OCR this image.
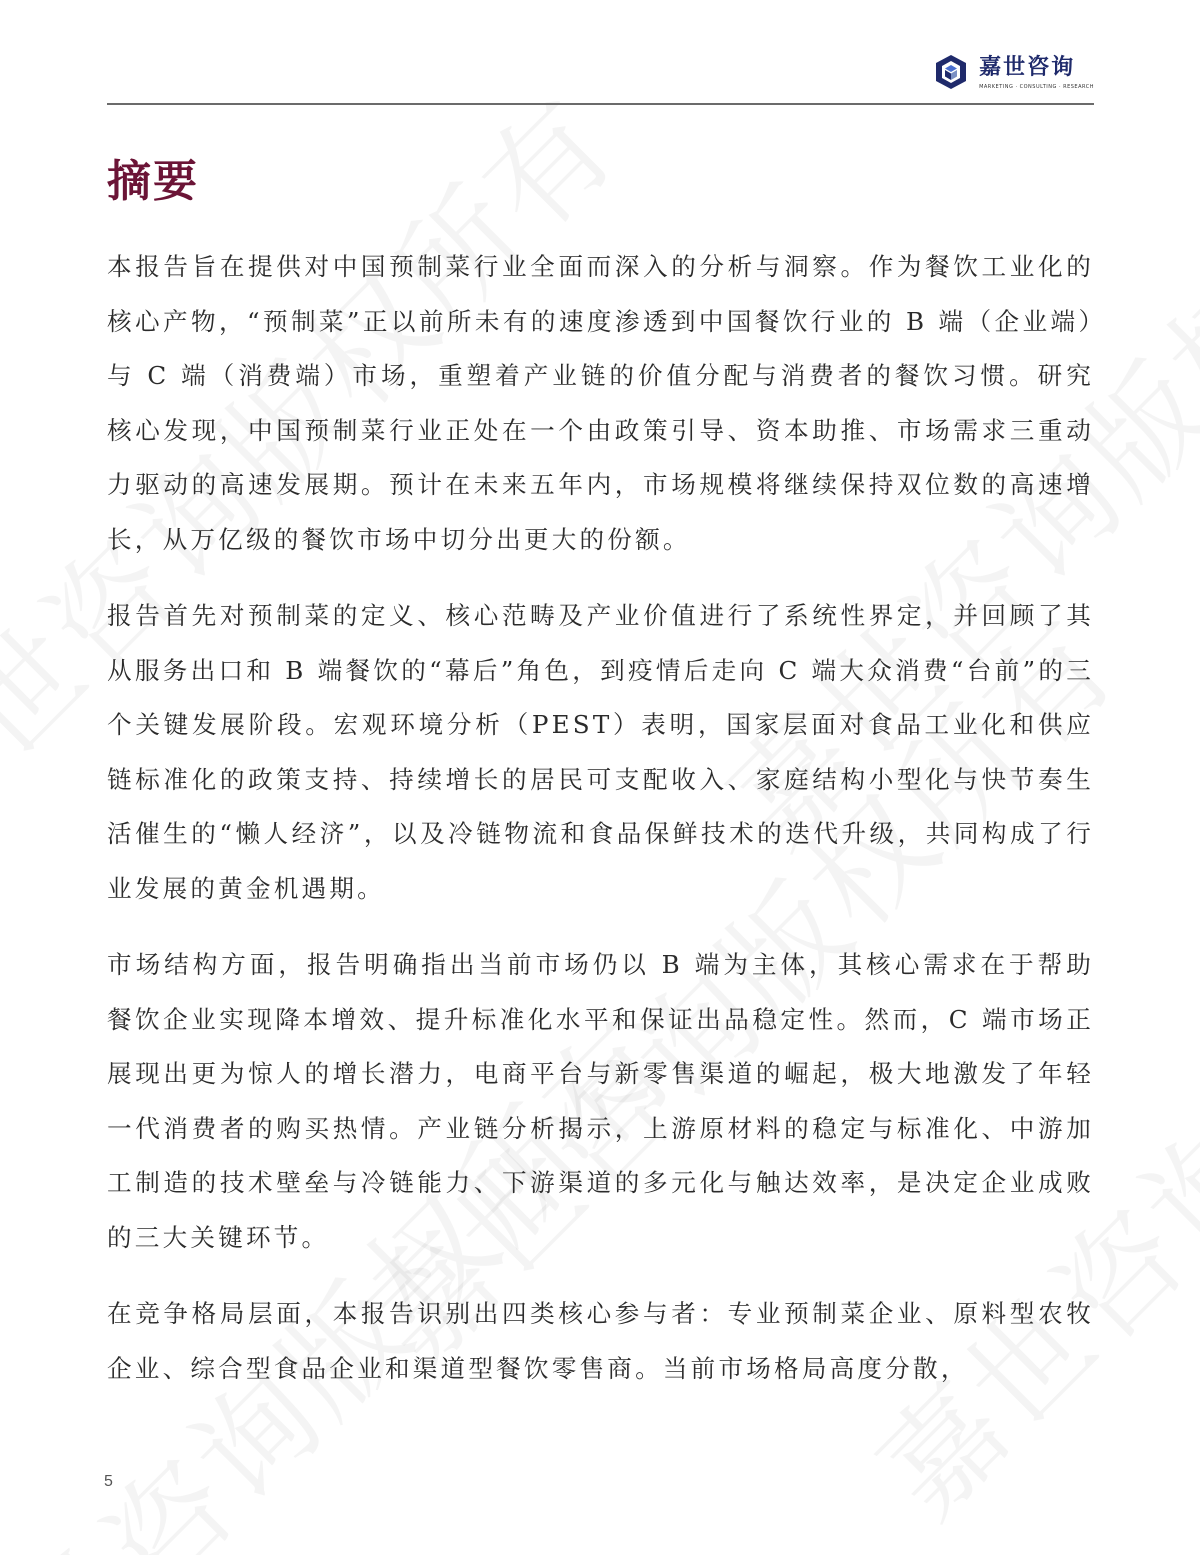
嘉世咨询
MARKETING · CONSULTING · RESEARCH
摘要

本报告旨在提供对中国预制菜行业全面而深入的分析与洞察。作为餐饮工业化的核心产物，“预制菜”正以前所未有的速度渗透到中国餐饮行业的 B 端（企业端）与 C 端（消费端）市场，重塑着产业链的价值分配与消费者的餐饮习惯。研究核心发现，中国预制菜行业正处在一个由政策引导、资本助推、市场需求三重动力驱动的高速发展期。预计在未来五年内，市场规模将继续保持双位数的高速增长，从万亿级的餐饮市场中切分出更大的份额。

报告首先对预制菜的定义、核心范畴及产业价值进行了系统性界定，并回顾了其从服务出口和 B 端餐饮的“幕后”角色，到疫情后走向 C 端大众消费“台前”的三个关键发展阶段。宏观环境分析（PEST）表明，国家层面对食品工业化和供应链标准化的政策支持、持续增长的居民可支配收入、家庭结构小型化与快节奏生活催生的“懒人经济”，以及冷链物流和食品保鲜技术的迭代升级，共同构成了行业发展的黄金机遇期。

市场结构方面，报告明确指出当前市场仍以 B 端为主体，其核心需求在于帮助餐饮企业实现降本增效、提升标准化水平和保证出品稳定性。然而，C 端市场正展现出更为惊人的增长潜力，电商平台与新零售渠道的崛起，极大地激发了年轻一代消费者的购买热情。产业链分析揭示，上游原材料的稳定与标准化、中游加工制造的技术壁垒与冷链能力、下游渠道的多元化与触达效率，是决定企业成败的三大关键环节。

在竞争格局层面，本报告识别出四类核心参与者：专业预制菜企业、原料型农牧企业、综合型食品企业和渠道型餐饮零售商。当前市场格局高度分散，

5
